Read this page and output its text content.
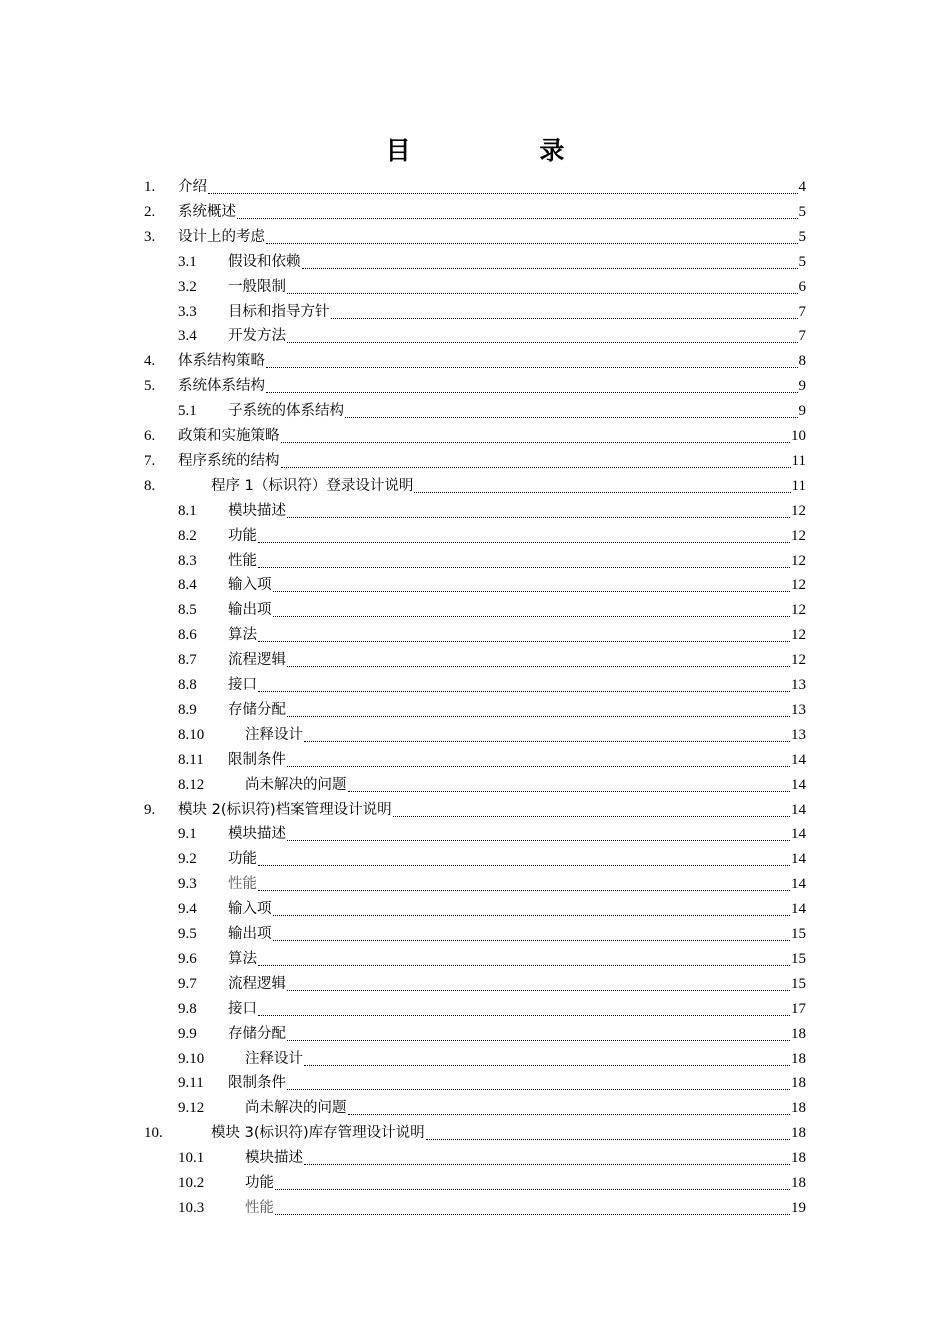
目 录
1. 介绍	4
2. 系统概述	5
3. 设计上的考虑	5
3.1 假设和依赖	5
3.2 一般限制	6
3.3 目标和指导方针	7
3.4 开发方法	7
4. 体系结构策略	8
5. 系统体系结构	9
5.1 子系统的体系结构	9
6. 政策和实施策略	10
7. 程序系统的结构	11
8.	程序 1（标识符）登录设计说明	11
8.1 模块描述	12
8.2 功能	12
8.3 性能	12
8.4 输入项	12
8.5 输出项	12
8.6 算法	12
8.7 流程逻辑	12
8.8 接口	13
8.9 存储分配	13
8.10	注释设计	13
8.11 限制条件	14
8.12	尚未解决的问题	14
9. 模块 2(标识符)档案管理设计说明	14
9.1 模块描述	14
9.2 功能	14
9.3 性能	14
9.4 输入项	14
9.5 输出项	15
9.6 算法	15
9.7 流程逻辑	15
9.8 接口	17
9.9 存储分配	18
9.10	注释设计	18
9.11 限制条件	18
9.12	尚未解决的问题	18
10.	模块 3(标识符)库存管理设计说明	18
10.1	模块描述	18
10.2	功能	18
10.3	性能	19
